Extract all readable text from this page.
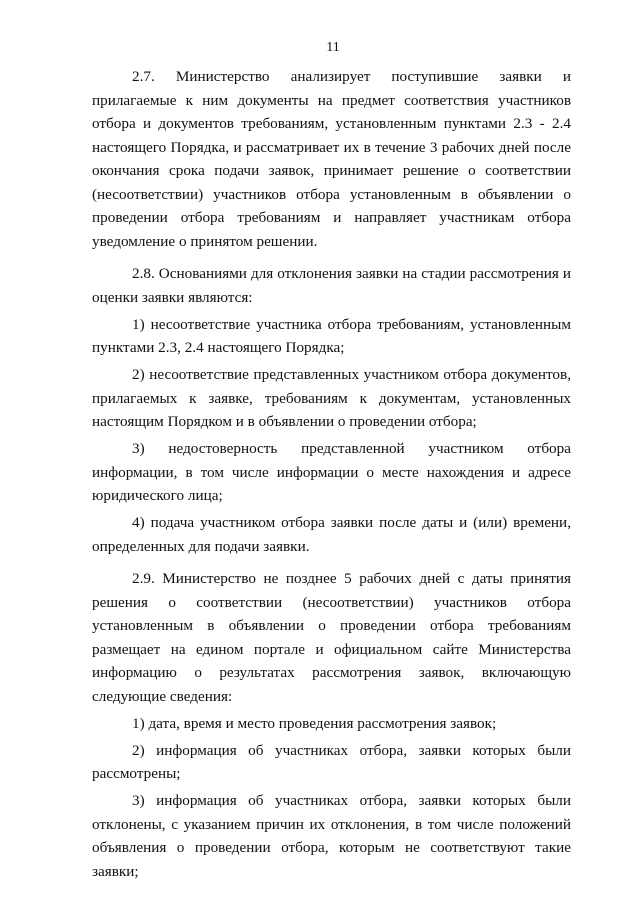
11

2.7. Министерство анализирует поступившие заявки и прилагаемые к ним документы на предмет соответствия участников отбора и документов требованиям, установленным пунктами 2.3 - 2.4 настоящего Порядка, и рассматривает их в течение 3 рабочих дней после окончания срока подачи заявок, принимает решение о соответствии (несоответствии) участников отбора установленным в объявлении о проведении отбора требованиям и направляет участникам отбора уведомление о принятом решении.

2.8. Основаниями для отклонения заявки на стадии рассмотрения и оценки заявки являются:

1) несоответствие участника отбора требованиям, установленным пунктами 2.3, 2.4 настоящего Порядка;

2) несоответствие представленных участником отбора документов, прилагаемых к заявке, требованиям к документам, установленных настоящим Порядком и в объявлении о проведении отбора;

3) недостоверность представленной участником отбора информации, в том числе информации о месте нахождения и адресе юридического лица;

4) подача участником отбора заявки после даты и (или) времени, определенных для подачи заявки.

2.9. Министерство не позднее 5 рабочих дней с даты принятия решения о соответствии (несоответствии) участников отбора установленным в объявлении о проведении отбора требованиям размещает на едином портале и официальном сайте Министерства информацию о результатах рассмотрения заявок, включающую следующие сведения:

1) дата, время и место проведения рассмотрения заявок;

2) информация об участниках отбора, заявки которых были рассмотрены;

3) информация об участниках отбора, заявки которых были отклонены, с указанием причин их отклонения, в том числе положений объявления о проведении отбора, которым не соответствуют такие заявки;
